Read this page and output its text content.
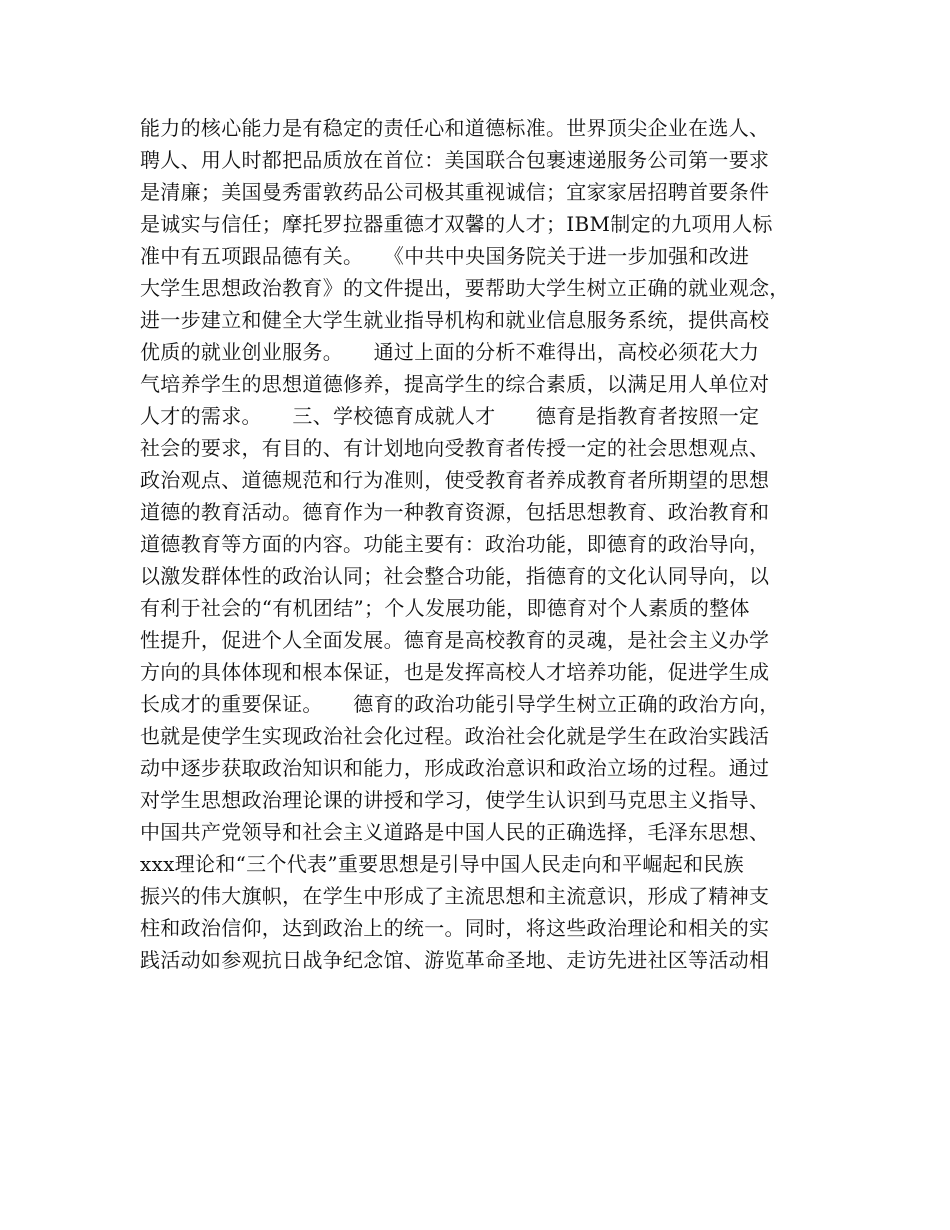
能力的核心能力是有稳定的责任心和道德标准。世界顶尖企业在选人、
聘人、用人时都把品质放在首位：美国联合包裹速递服务公司第一要求
是清廉；美国曼秀雷敦药品公司极其重视诚信；宜家家居招聘首要条件
是诚实与信任；摩托罗拉器重德才双馨的人才；IBM制定的九项用人标
准中有五项跟品德有关。　　《中共中央国务院关于进一步加强和改进
大学生思想政治教育》的文件提出，要帮助大学生树立正确的就业观念，
进一步建立和健全大学生就业指导机构和就业信息服务系统，提供高校
优质的就业创业服务。　　通过上面的分析不难得出，高校必须花大力
气培养学生的思想道德修养，提高学生的综合素质，以满足用人单位对
人才的需求。　　三、学校德育成就人才　　德育是指教育者按照一定
社会的要求，有目的、有计划地向受教育者传授一定的社会思想观点、
政治观点、道德规范和行为准则，使受教育者养成教育者所期望的思想
道德的教育活动。德育作为一种教育资源，包括思想教育、政治教育和
道德教育等方面的内容。功能主要有：政治功能，即德育的政治导向，
以激发群体性的政治认同；社会整合功能，指德育的文化认同导向，以
有利于社会的“有机团结”；个人发展功能，即德育对个人素质的整体
性提升，促进个人全面发展。德育是高校教育的灵魂，是社会主义办学
方向的具体体现和根本保证，也是发挥高校人才培养功能，促进学生成
长成才的重要保证。　　德育的政治功能引导学生树立正确的政治方向，
也就是使学生实现政治社会化过程。政治社会化就是学生在政治实践活
动中逐步获取政治知识和能力，形成政治意识和政治立场的过程。通过
对学生思想政治理论课的讲授和学习，使学生认识到马克思主义指导、
中国共产党领导和社会主义道路是中国人民的正确选择，毛泽东思想、
xxx理论和“三个代表”重要思想是引导中国人民走向和平崛起和民族
振兴的伟大旗帜，在学生中形成了主流思想和主流意识，形成了精神支
柱和政治信仰，达到政治上的统一。同时，将这些政治理论和相关的实
践活动如参观抗日战争纪念馆、游览革命圣地、走访先进社区等活动相
